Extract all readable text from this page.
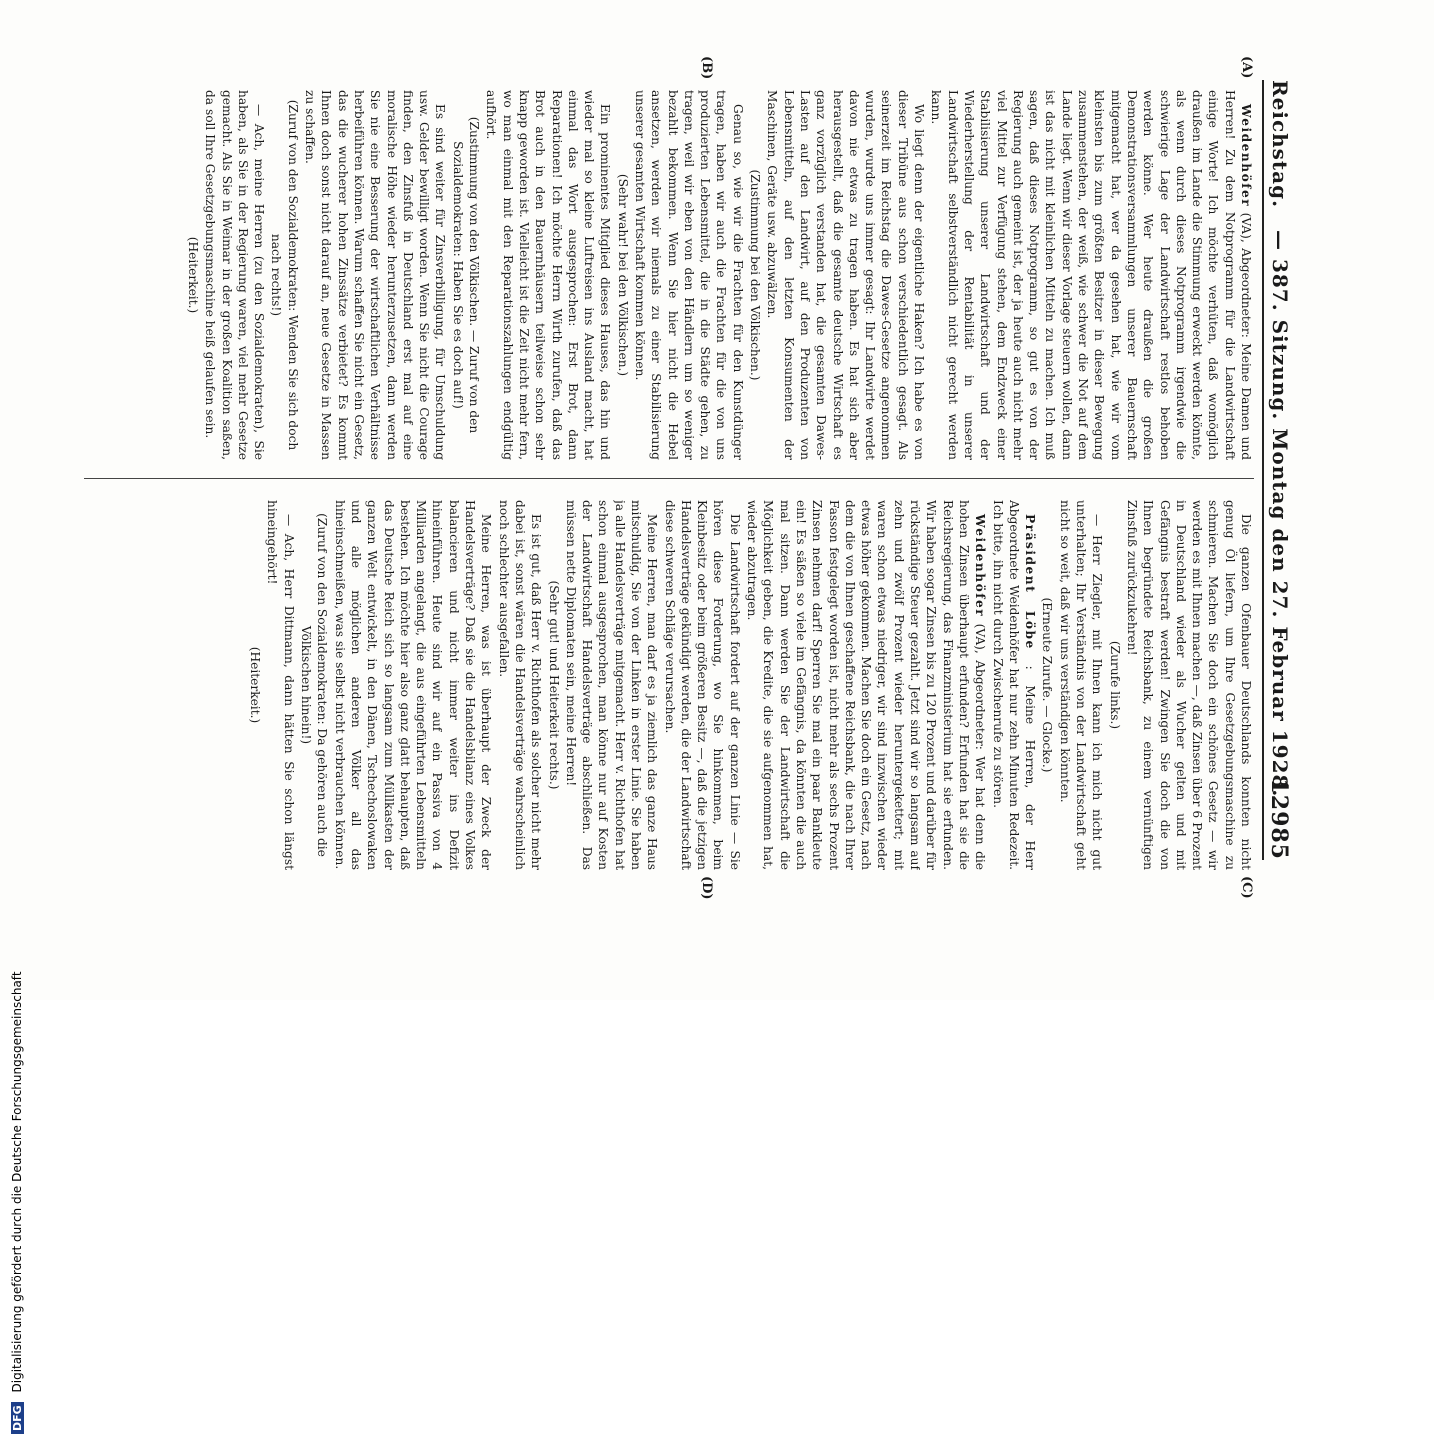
Reichstag.
— 387. Sitzung. Montag den 27. Februar 1928.
12985
(A)
(B)
(C)
(D)

Weidenhöfer (VA), Abgeordneter: Meine Damen und Herren! Zu dem Notprogramm für die Landwirtschaft einige Worte! Ich möchte verhüten, daß womöglich draußen im Lande die Stimmung erweckt werden könnte, als wenn durch dieses Notprogramm irgendwie die schwierige Lage der Landwirtschaft restlos behoben werden könne. Wer heute draußen die großen Demonstrationsversammlungen unserer Bauernschaft mitgemacht hat, wer da gesehen hat, wie wir vom kleinsten bis zum größten Besitzer in dieser Bewegung zusammenstehen, der weiß, wie schwer die Not auf dem Lande liegt. Wenn wir dieser Vorlage steuern wollen, dann ist das nicht mit kleinlichen Mitteln zu machen. Ich muß sagen, daß dieses Notprogramm, so gut es von der Regierung auch gemeint ist, der ja heute auch nicht mehr viel Mittel zur Verfügung stehen, dem Endzweck einer Stabilisierung unserer Landwirtschaft und der Wiederherstellung der Rentabilität in unserer Landwirtschaft selbstverständlich nicht gerecht werden kann.

Wo liegt denn der eigentliche Haken? Ich habe es von dieser Tribüne aus schon verschiedentlich gesagt. Als seinerzeit im Reichstag die Dawes-Gesetze angenommen wurden, wurde uns immer gesagt: Ihr Landwirte werdet davon nie etwas zu tragen haben. Es hat sich aber herausgestellt, daß die gesamte deutsche Wirtschaft es ganz vorzüglich verstanden hat, die gesamten Dawes-Lasten auf den Landwirt, auf den Produzenten von Lebensmitteln, auf den letzten Konsumenten der Maschinen, Geräte usw. abzuwälzen.

(Zustimmung bei den Völkischen.)

Genau so, wie wir die Frachten für den Kunstdünger tragen, haben wir auch die Frachten für die von uns produzierten Lebensmittel, die in die Städte gehen, zu tragen, weil wir eben von den Händlern um so weniger bezahlt bekommen. Wenn Sie hier nicht die Hebel ansetzen, werden wir niemals zu einer Stabilisierung unserer gesamten Wirtschaft kommen können.

(Sehr wahr! bei den Völkischen.)

Ein prominentes Mitglied dieses Hauses, das hin und wieder mal so kleine Luftreisen ins Ausland macht, hat einmal das Wort ausgesprochen: Erst Brot, dann Reparationen! Ich möchte Herrn Wirth zurufen, daß das Brot auch in den Bauernhäusern teilweise schon sehr knapp geworden ist. Vielleicht ist die Zeit nicht mehr fern, wo man einmal mit den Reparationszahlungen endgültig aufhört.

(Zustimmung von den Völkischen. — Zuruf von den Sozialdemokraten: Haben Sie es doch auf!)

Es sind weiter für Zinsverbilligung, für Umschuldung usw. Gelder bewilligt worden. Wenn Sie nicht die Courage finden, den Zinsfuß in Deutschland erst mal auf eine moralische Höhe wieder herunterzusetzen, dann werden Sie nie eine Besserung der wirtschaftlichen Verhältnisse herbeiführen können. Warum schaffen Sie nicht ein Gesetz, das die wucherer hohen Zinssätze verbietet? Es kommt Ihnen doch sonst nicht darauf an, neue Gesetze in Massen zu schaffen.

(Zuruf von den Sozialdemokraten: Wenden Sie sich doch nach rechts!)

— Ach, meine Herren (zu den Sozialdemokraten), Sie haben, als Sie in der Regierung waren, viel mehr Gesetze gemacht. Als Sie in Weimar in der großen Koalition saßen, da soll Ihre Gesetzgebungsmaschine heiß gelaufen sein.

(Heiterkeit.)

Die ganzen Ofenbauer Deutschlands konnten nicht genug Öl liefern, um Ihre Gesetzgebungsmaschine zu schmieren. Machen Sie doch ein schönes Gesetz — wir werden es mit Ihnen machen —, daß Zinsen über 6 Prozent in Deutschland wieder als Wucher gelten und mit Gefängnis bestraft werden! Zwingen Sie doch die von Ihnen begründete Reichsbank, zu einem vernünftigen Zinsfuß zurückzukehren!

(Zurufe links.)

— Herr Ziegler, mit Ihnen kann ich mich nicht gut unterhalten; Ihr Verständnis von der Landwirtschaft geht nicht so weit, daß wir uns verständigen könnten.

(Erneute Zurufe. — Glocke.)

Präsident Löbe : Meine Herren, der Herr Abgeordnete Weidenhöfer hat nur zehn Minuten Redezeit. Ich bitte, ihn nicht durch Zwischenrufe zu stören.

Weidenhöfer (VA), Abgeordneter: Wer hat denn die hohen Zinsen überhaupt erfunden? Erfunden hat sie die Reichsregierung, das Finanzministerium hat sie erfunden. Wir haben sogar Zinsen bis zu 120 Prozent und darüber für rückständige Steuer gezahlt. Jetzt sind wir so langsam auf zehn und zwölf Prozent wieder heruntergekettert; mit waren schon etwas niedriger, wir sind inzwischen wieder etwas höher gekommen. Machen Sie doch ein Gesetz, nach dem die von Ihnen geschaffene Reichsbank, die nach Ihrer Fasson festgelegt worden ist, nicht mehr als sechs Prozent Zinsen nehmen darf! Sperren Sie mal ein paar Bankleute ein! Es säßen so viele im Gefängnis, da könnten die auch mal sitzen. Dann werden Sie der Landwirtschaft die Möglichkeit geben, die Kredite, die sie aufgenommen hat, wieder abzutragen.

Die Landwirtschaft fordert auf der ganzen Linie — Sie hören diese Forderung, wo Sie hinkommen, beim Kleinbesitz oder beim größeren Besitz —, daß die jetzigen Handelsverträge gekündigt werden, die der Landwirtschaft diese schweren Schläge verursachen.

Meine Herren, man darf es ja ziemlich das ganze Haus mitschuldig, Sie von der Linken in erster Linie. Sie haben ja alle Handelsverträge mitgemacht. Herr v. Richthofen hat schon einmal ausgesprochen, man könne nur auf Kosten der Landwirtschaft Handelsverträge abschließen. Das müssen nette Diplomaten sein, meine Herren!

(Sehr gut! und Heiterkeit rechts.)

Es ist gut, daß Herr v. Richthofen als solcher nicht mehr dabei ist, sonst wären die Handelsverträge wahrscheinlich noch schlechter ausgefallen.

Meine Herren, was ist überhaupt der Zweck der Handelsverträge? Daß sie die Handelsbilanz eines Volkes balancieren und nicht immer weiter ins Defizit hineinführen. Heute sind wir auf ein Passiva von 4 Milliarden angelangt, die aus eingeführten Lebensmitteln bestehen. Ich möchte hier also ganz glatt behaupten, daß das Deutsche Reich sich so langsam zum Müllkasten der ganzen Welt entwickelt, in den Dänen, Tschechoslowaken und alle möglichen anderen Völker all das hineinschmeißen, was sie selbst nicht verbrauchen können.

(Zuruf von den Sozialdemokraten: Da gehören auch die Völkischen hinein!)

— Ach, Herr Dittmann, dann hätten Sie schon längst hineingehört!

(Heiterkeit.)

DFG Digitalisierung gefördert durch die Deutsche Forschungsgemeinschaft
